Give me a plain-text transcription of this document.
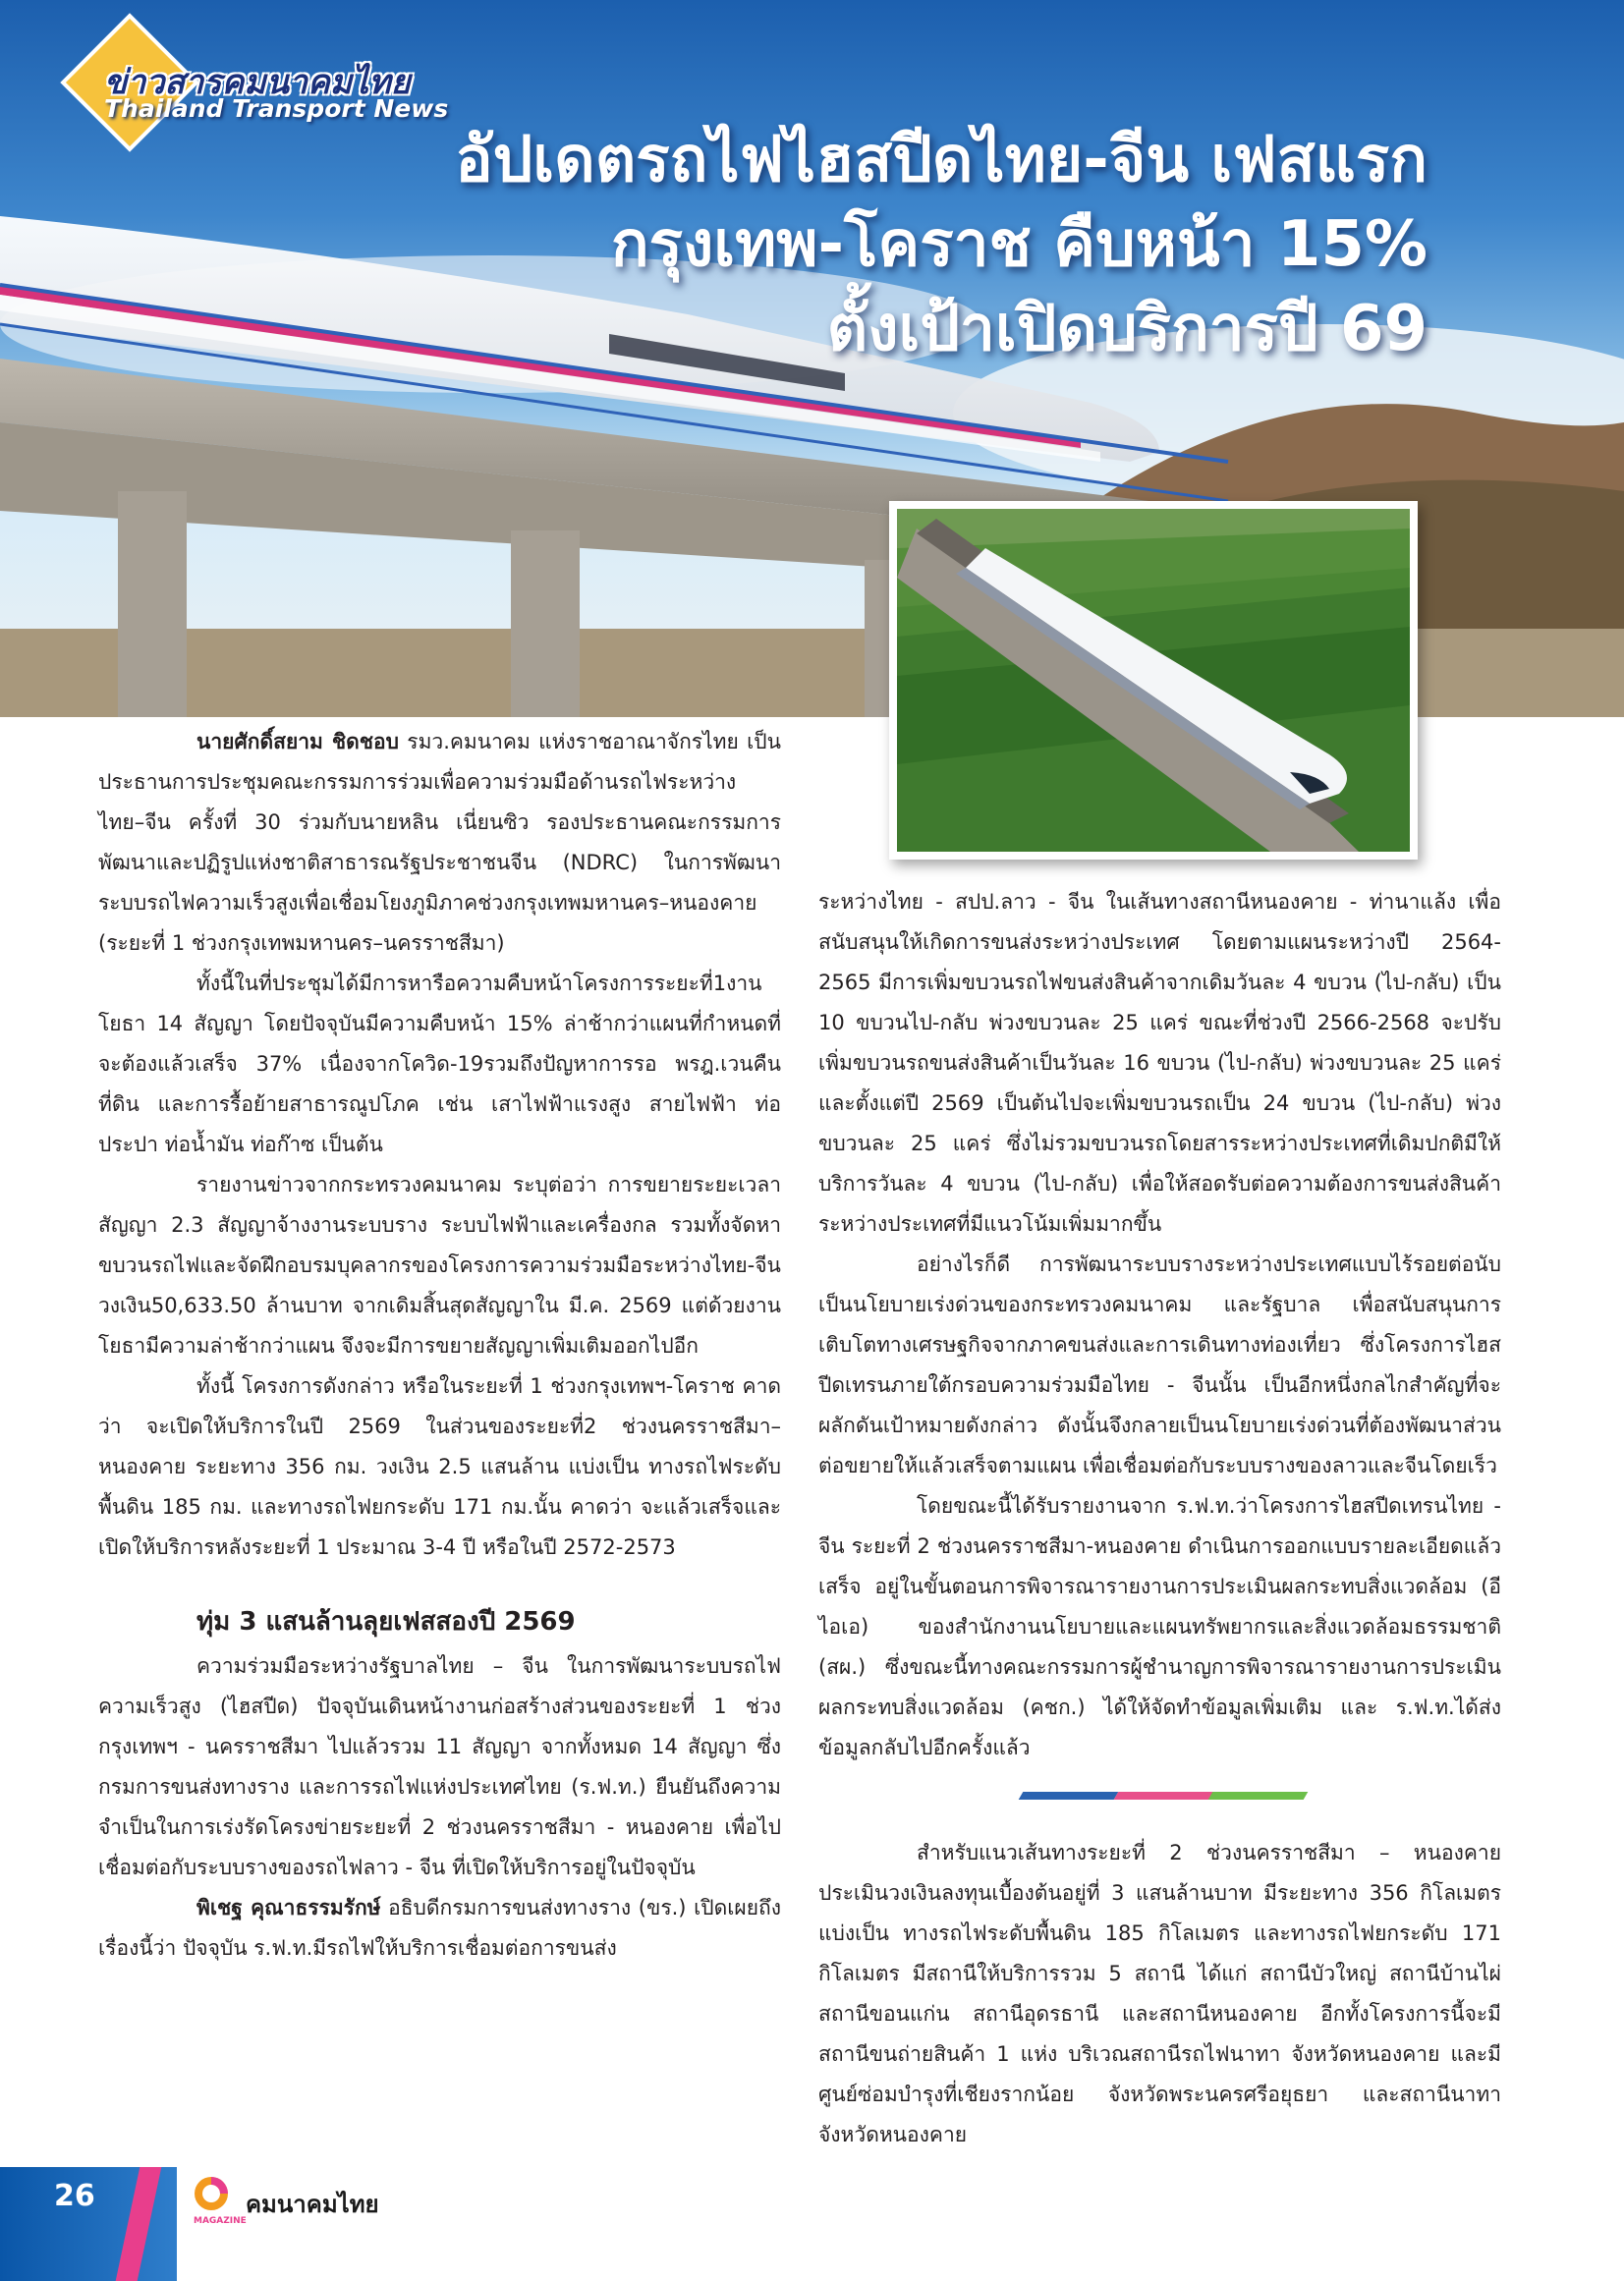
ข่าวสารคมนาคมไทย
Thailand Transport News
อัปเดตรถไฟไฮสปีดไทย-จีน เฟสแรก
กรุงเทพ-โคราช คืบหน้า 15%
ตั้งเป้าเปิดบริการปี 69

นายศักดิ์สยาม ชิดชอบ รมว.คมนาคม แห่งราชอาณาจักรไทย เป็นประธานการประชุมคณะกรรมการร่วมเพื่อความร่วมมือด้านรถไฟระหว่างไทย–จีน ครั้งที่ 30 ร่วมกับนายหลิน เนี่ยนซิว รองประธานคณะกรรมการพัฒนาและปฏิรูปแห่งชาติสาธารณรัฐประชาชนจีน (NDRC) ในการพัฒนาระบบรถไฟความเร็วสูงเพื่อเชื่อมโยงภูมิภาคช่วงกรุงเทพมหานคร–หนองคาย (ระยะที่ 1 ช่วงกรุงเทพมหานคร–นครราชสีมา)

ทั้งนี้ในที่ประชุมได้มีการหารือความคืบหน้าโครงการระยะที่1งานโยธา 14 สัญญา โดยปัจจุบันมีความคืบหน้า 15% ล่าช้ากว่าแผนที่กำหนดที่จะต้องแล้วเสร็จ 37% เนื่องจากโควิด-19รวมถึงปัญหาการรอ พรฎ.เวนคืนที่ดิน และการรื้อย้ายสาธารณูปโภค เช่น เสาไฟฟ้าแรงสูง สายไฟฟ้า ท่อประปา ท่อน้ำมัน ท่อก๊าซ เป็นต้น

รายงานข่าวจากกระทรวงคมนาคม ระบุต่อว่า การขยายระยะเวลาสัญญา 2.3 สัญญาจ้างงานระบบราง ระบบไฟฟ้าและเครื่องกล รวมทั้งจัดหาขบวนรถไฟและจัดฝึกอบรมบุคลากรของโครงการความร่วมมือระหว่างไทย-จีน วงเงิน50,633.50 ล้านบาท จากเดิมสิ้นสุดสัญญาใน มี.ค. 2569 แต่ด้วยงานโยธามีความล่าช้ากว่าแผน จึงจะมีการขยายสัญญาเพิ่มเติมออกไปอีก

ทั้งนี้ โครงการดังกล่าว หรือในระยะที่ 1 ช่วงกรุงเทพฯ-โคราช คาดว่า จะเปิดให้บริการในปี 2569 ในส่วนของระยะที่2 ช่วงนครราชสีมา–หนองคาย ระยะทาง 356 กม. วงเงิน 2.5 แสนล้าน แบ่งเป็น ทางรถไฟระดับพื้นดิน 185 กม. และทางรถไฟยกระดับ 171 กม.นั้น คาดว่า จะแล้วเสร็จและเปิดให้บริการหลังระยะที่ 1 ประมาณ 3-4 ปี หรือในปี 2572-2573

ทุ่ม 3 แสนล้านลุยเฟสสองปี 2569

ความร่วมมือระหว่างรัฐบาลไทย – จีน ในการพัฒนาระบบรถไฟความเร็วสูง (ไฮสปีด) ปัจจุบันเดินหน้างานก่อสร้างส่วนของระยะที่ 1 ช่วงกรุงเทพฯ - นครราชสีมา ไปแล้วรวม 11 สัญญา จากทั้งหมด 14 สัญญา ซึ่งกรมการขนส่งทางราง และการรถไฟแห่งประเทศไทย (ร.ฟ.ท.) ยืนยันถึงความจำเป็นในการเร่งรัดโครงข่ายระยะที่ 2 ช่วงนครราชสีมา - หนองคาย เพื่อไปเชื่อมต่อกับระบบรางของรถไฟลาว - จีน ที่เปิดให้บริการอยู่ในปัจจุบัน

พิเชฐ คุณาธรรมรักษ์ อธิบดีกรมการขนส่งทางราง (ขร.) เปิดเผยถึงเรื่องนี้ว่า ปัจจุบัน ร.ฟ.ท.มีรถไฟให้บริการเชื่อมต่อการขนส่ง

ระหว่างไทย - สปป.ลาว - จีน ในเส้นทางสถานีหนองคาย - ท่านาแล้ง เพื่อสนับสนุนให้เกิดการขนส่งระหว่างประเทศ โดยตามแผนระหว่างปี 2564-2565 มีการเพิ่มขบวนรถไฟขนส่งสินค้าจากเดิมวันละ 4 ขบวน (ไป-กลับ) เป็น 10 ขบวนไป-กลับ พ่วงขบวนละ 25 แคร่ ขณะที่ช่วงปี 2566-2568 จะปรับเพิ่มขบวนรถขนส่งสินค้าเป็นวันละ 16 ขบวน (ไป-กลับ) พ่วงขบวนละ 25 แคร่ และตั้งแต่ปี 2569 เป็นต้นไปจะเพิ่มขบวนรถเป็น 24 ขบวน (ไป-กลับ) พ่วงขบวนละ 25 แคร่ ซึ่งไม่รวมขบวนรถโดยสารระหว่างประเทศที่เดิมปกติมีให้บริการวันละ 4 ขบวน (ไป-กลับ) เพื่อให้สอดรับต่อความต้องการขนส่งสินค้าระหว่างประเทศที่มีแนวโน้มเพิ่มมากขึ้น

อย่างไรก็ดี การพัฒนาระบบรางระหว่างประเทศแบบไร้รอยต่อนับเป็นนโยบายเร่งด่วนของกระทรวงคมนาคม และรัฐบาล เพื่อสนับสนุนการเติบโตทางเศรษฐกิจจากภาคขนส่งและการเดินทางท่องเที่ยว ซึ่งโครงการไฮสปีดเทรนภายใต้กรอบความร่วมมือไทย - จีนนั้น เป็นอีกหนึ่งกลไกสำคัญที่จะผลักดันเป้าหมายดังกล่าว ดังนั้นจึงกลายเป็นนโยบายเร่งด่วนที่ต้องพัฒนาส่วนต่อขยายให้แล้วเสร็จตามแผน เพื่อเชื่อมต่อกับระบบรางของลาวและจีนโดยเร็ว

โดยขณะนี้ได้รับรายงานจาก ร.ฟ.ท.ว่าโครงการไฮสปีดเทรนไทย - จีน ระยะที่ 2 ช่วงนครราชสีมา-หนองคาย ดำเนินการออกแบบรายละเอียดแล้วเสร็จ อยู่ในขั้นตอนการพิจารณารายงานการประเมินผลกระทบสิ่งแวดล้อม (อีไอเอ) ของสำนักงานนโยบายและแผนทรัพยากรและสิ่งแวดล้อมธรรมชาติ (สผ.) ซึ่งขณะนี้ทางคณะกรรมการผู้ชำนาญการพิจารณารายงานการประเมินผลกระทบสิ่งแวดล้อม (คชก.) ได้ให้จัดทำข้อมูลเพิ่มเติม และ ร.ฟ.ท.ได้ส่งข้อมูลกลับไปอีกครั้งแล้ว

สำหรับแนวเส้นทางระยะที่ 2 ช่วงนครราชสีมา – หนองคาย ประเมินวงเงินลงทุนเบื้องต้นอยู่ที่ 3 แสนล้านบาท มีระยะทาง 356 กิโลเมตร แบ่งเป็น ทางรถไฟระดับพื้นดิน 185 กิโลเมตร และทางรถไฟยกระดับ 171 กิโลเมตร มีสถานีให้บริการรวม 5 สถานี ได้แก่ สถานีบัวใหญ่ สถานีบ้านไผ่ สถานีขอนแก่น สถานีอุดรธานี และสถานีหนองคาย อีกทั้งโครงการนี้จะมีสถานีขนถ่ายสินค้า 1 แห่ง บริเวณสถานีรถไฟนาทา จังหวัดหนองคาย และมีศูนย์ซ่อมบำรุงที่เชียงรากน้อย จังหวัดพระนครศรีอยุธยา และสถานีนาทา จังหวัดหนองคาย

26
MAGAZINE
คมนาคมไทย
